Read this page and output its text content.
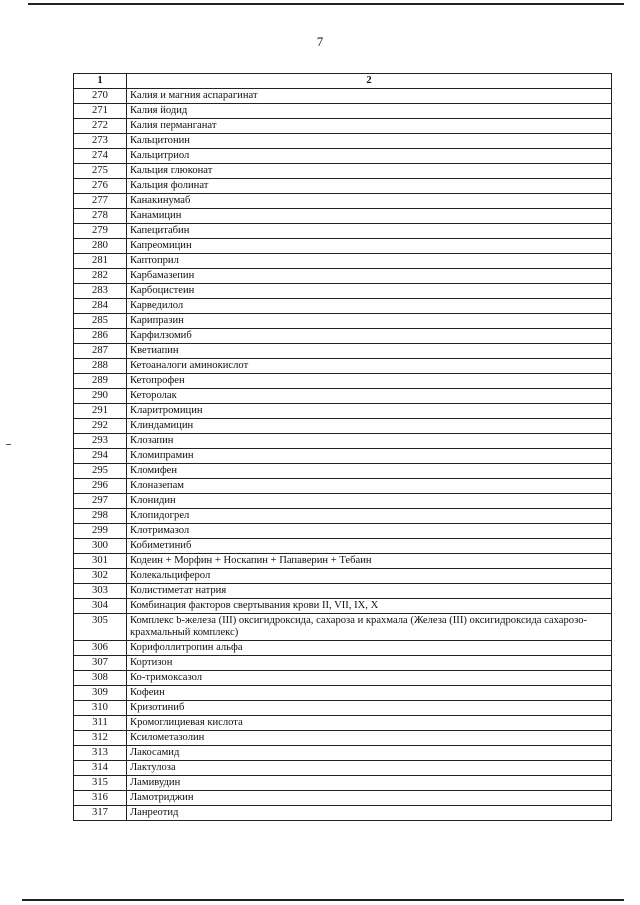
7
1	2
270	Калия и магния аспарагинат
271	Калия йодид
272	Калия перманганат
273	Кальцитонин
274	Кальцитриол
275	Кальция глюконат
276	Кальция фолинат
277	Канакинумаб
278	Канамицин
279	Капецитабин
280	Капреомицин
281	Каптоприл
282	Карбамазепин
283	Карбоцистеин
284	Карведилол
285	Карипразин
286	Карфилзомиб
287	Кветиапин
288	Кетоаналоги аминокислот
289	Кетопрофен
290	Кеторолак
291	Кларитромицин
292	Клиндамицин
293	Клозапин
294	Кломипрамин
295	Кломифен
296	Клоназепам
297	Клонидин
298	Клопидогрел
299	Клотримазол
300	Кобиметиниб
301	Кодеин + Морфин + Носкапин + Папаверин + Тебаин
302	Колекальциферол
303	Колистиметат натрия
304	Комбинация факторов свертывания крови II, VII, IX, X
305	Комплекс b-железа (III) оксигидроксида, сахароза и крахмала (Железа (III) оксигидроксида сахарозо-крахмальный комплекс)
306	Корифоллитропин альфа
307	Кортизон
308	Ко-тримоксазол
309	Кофеин
310	Кризотиниб
311	Кромоглициевая кислота
312	Ксилометазолин
313	Лакосамид
314	Лактулоза
315	Ламивудин
316	Ламотриджин
317	Ланреотид
